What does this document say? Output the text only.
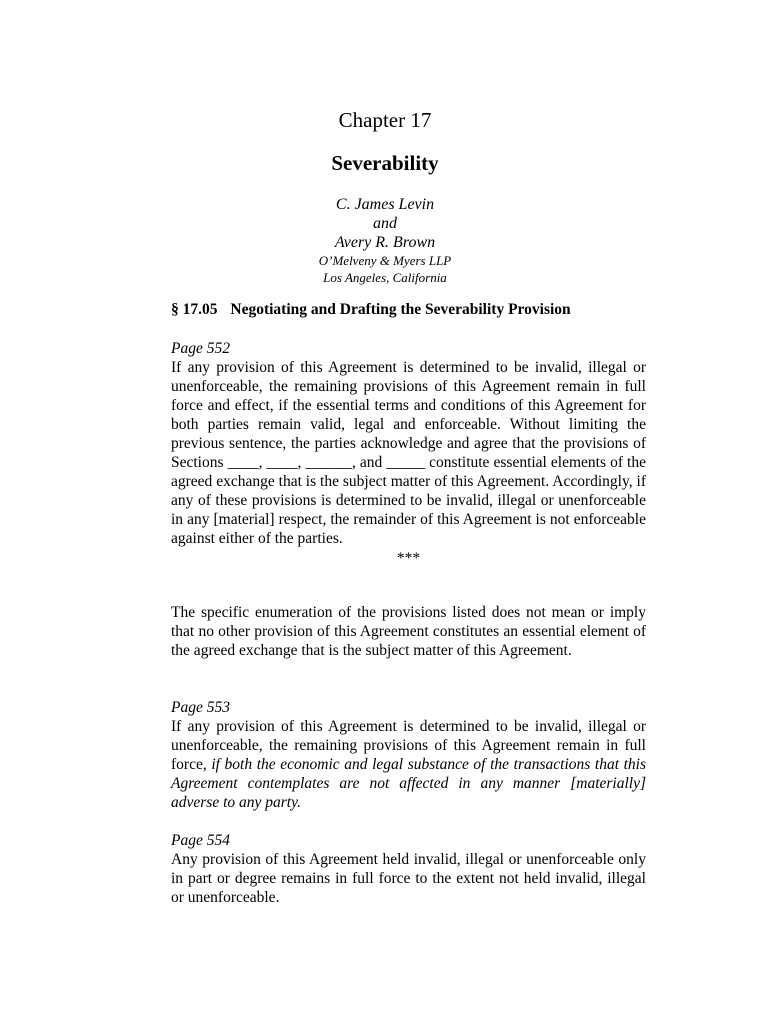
Chapter 17
Severability
C. James Levin
and
Avery R. Brown
O’Melveny & Myers LLP
Los Angeles, California
§ 17.05 Negotiating and Drafting the Severability Provision
Page 552

If any provision of this Agreement is determined to be invalid, illegal or unenforceable, the remaining provisions of this Agreement remain in full force and effect, if the essential terms and conditions of this Agreement for both parties remain valid, legal and enforceable. Without limiting the previous sentence, the parties acknowledge and agree that the provisions of Sections ____, ____, ______, and _____ constitute essential elements of the agreed exchange that is the subject matter of this Agreement. Accordingly, if any of these provisions is determined to be invalid, illegal or unenforceable in any [material] respect, the remainder of this Agreement is not enforceable against either of the parties.

***

The specific enumeration of the provisions listed does not mean or imply that no other provision of this Agreement constitutes an essential element of the agreed exchange that is the subject matter of this Agreement.

Page 553

If any provision of this Agreement is determined to be invalid, illegal or unenforceable, the remaining provisions of this Agreement remain in full force, if both the economic and legal substance of the transactions that this Agreement contemplates are not affected in any manner [materially] adverse to any party.

Page 554

Any provision of this Agreement held invalid, illegal or unenforceable only in part or degree remains in full force to the extent not held invalid, illegal or unenforceable.
